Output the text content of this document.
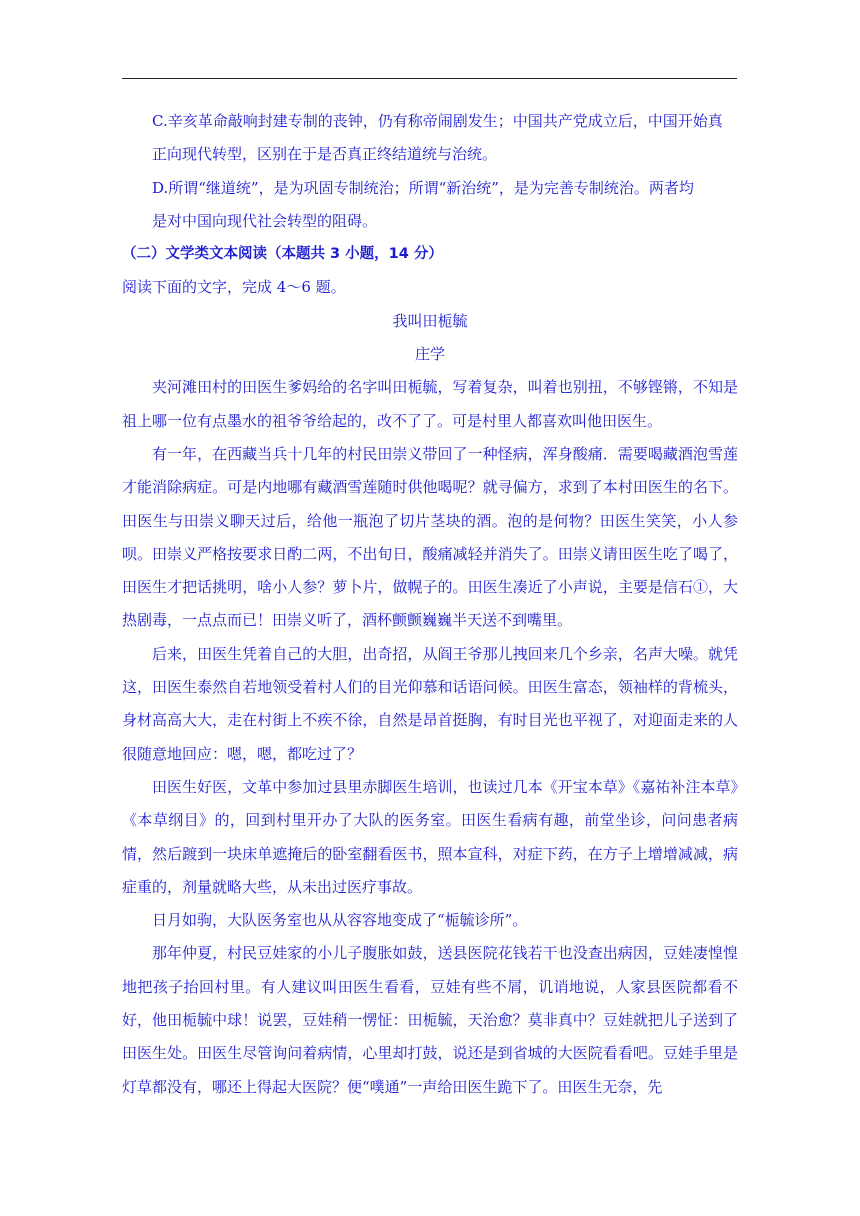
C.辛亥革命敲响封建专制的丧钟，仍有称帝闹剧发生；中国共产党成立后，中国开始真

正向现代转型，区别在于是否真正终结道统与治统。

D.所谓“继道统”，是为巩固专制统治；所谓“新治统”，是为完善专制统治。两者均

是对中国向现代社会转型的阻碍。

（二）文学类文本阅读（本题共 3 小题，14 分）

阅读下面的文字，完成 4～6 题。

我叫田栀毓

庄学

夹河滩田村的田医生爹妈给的名字叫田栀毓，写着复杂，叫着也别扭，不够铿锵，不知是祖上哪一位有点墨水的祖爷爷给起的，改不了了。可是村里人都喜欢叫他田医生。

有一年，在西藏当兵十几年的村民田崇义带回了一种怪病，浑身酸痛．需要喝藏酒泡雪莲才能消除病症。可是内地哪有藏酒雪莲随时供他喝呢？就寻偏方，求到了本村田医生的名下。田医生与田崇义聊天过后，给他一瓶泡了切片茎块的酒。泡的是何物？田医生笑笑，小人参呗。田崇义严格按要求日酌二两，不出旬日，酸痛减轻并消失了。田崇义请田医生吃了喝了，田医生才把话挑明，啥小人参？萝卜片，做幌子的。田医生凑近了小声说，主要是信石①，大热剧毒，一点点而已！田崇义听了，酒杯颤颤巍巍半天送不到嘴里。

后来，田医生凭着自己的大胆，出奇招，从阎王爷那儿拽回来几个乡亲，名声大噪。就凭这，田医生泰然自若地领受着村人们的目光仰慕和话语问候。田医生富态，领袖样的背梳头，身材高高大大，走在村街上不疾不徐，自然是昂首挺胸，有时目光也平视了，对迎面走来的人很随意地回应：嗯，嗯，都吃过了？

田医生好医，文革中参加过县里赤脚医生培训，也读过几本《开宝本草》《嘉祐补注本草》《本草纲目》的，回到村里开办了大队的医务室。田医生看病有趣，前堂坐诊，问问患者病情，然后踱到一块床单遮掩后的卧室翻看医书，照本宣科，对症下药，在方子上增增减减，病症重的，剂量就略大些，从未出过医疗事故。

日月如驹，大队医务室也从从容容地变成了“栀毓诊所”。

那年仲夏，村民豆娃家的小儿子腹胀如鼓，送县医院花钱若干也没查出病因，豆娃凄惶惶地把孩子抬回村里。有人建议叫田医生看看，豆娃有些不屑，讥诮地说，人家县医院都看不好，他田栀毓中球！说罢，豆娃稍一愣怔：田栀毓，天治愈？莫非真中？豆娃就把儿子送到了田医生处。田医生尽管询问着病情，心里却打鼓，说还是到省城的大医院看看吧。豆娃手里是灯草都没有，哪还上得起大医院？便“噗通”一声给田医生跪下了。田医生无奈，先
